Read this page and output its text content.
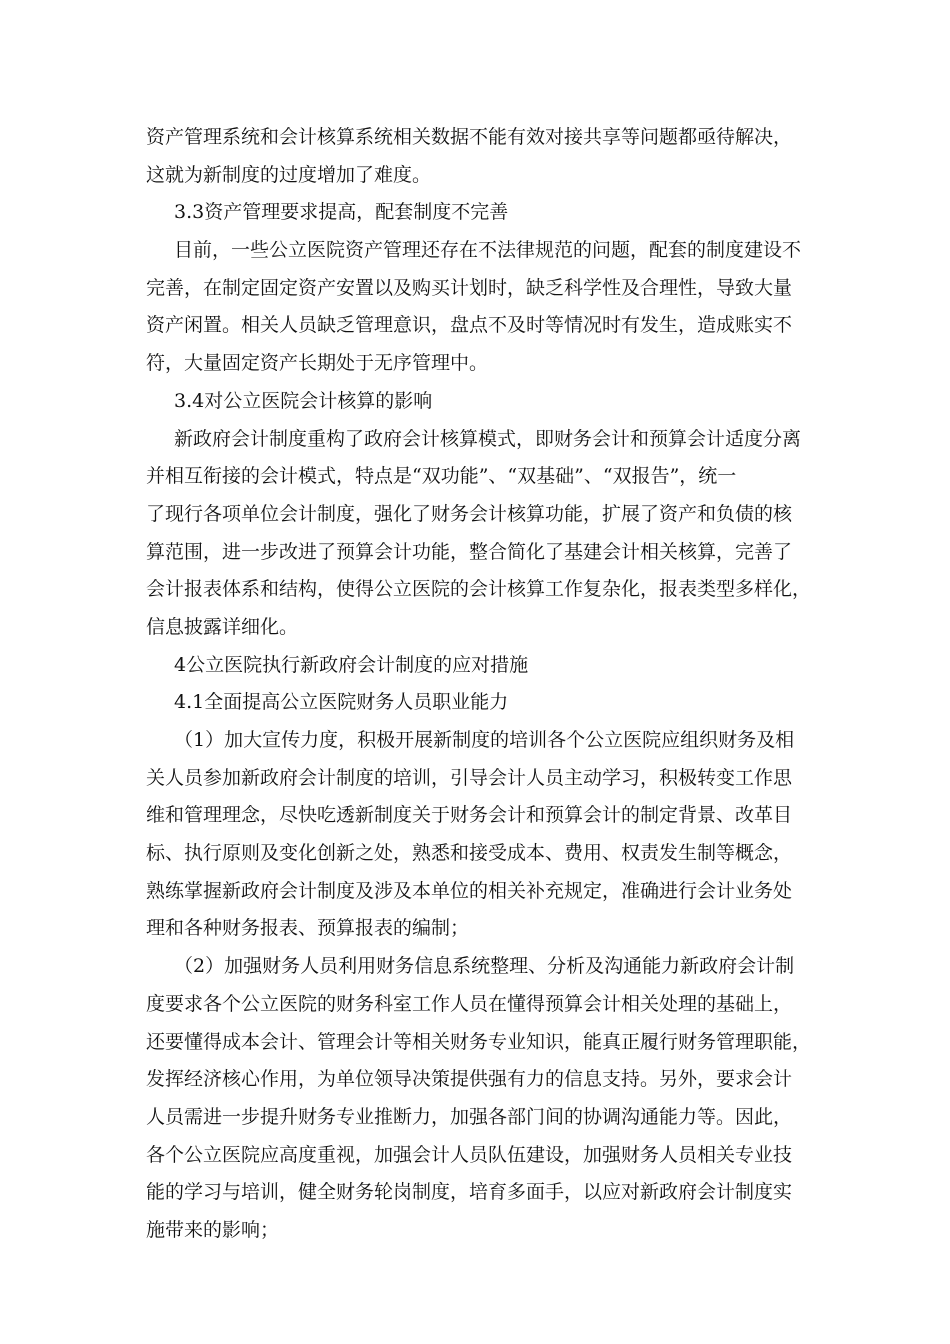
资产管理系统和会计核算系统相关数据不能有效对接共享等问题都亟待解决，
这就为新制度的过度增加了难度。
3.3资产管理要求提高，配套制度不完善
目前，一些公立医院资产管理还存在不法律规范的问题，配套的制度建设不
完善，在制定固定资产安置以及购买计划时，缺乏科学性及合理性，导致大量
资产闲置。相关人员缺乏管理意识，盘点不及时等情况时有发生，造成账实不
符，大量固定资产长期处于无序管理中。
3.4对公立医院会计核算的影响
新政府会计制度重构了政府会计核算模式，即财务会计和预算会计适度分离
并相互衔接的会计模式，特点是“双功能”、“双基础”、“双报告”，统一
了现行各项单位会计制度，强化了财务会计核算功能，扩展了资产和负债的核
算范围，进一步改进了预算会计功能，整合简化了基建会计相关核算，完善了
会计报表体系和结构，使得公立医院的会计核算工作复杂化，报表类型多样化，
信息披露详细化。
4公立医院执行新政府会计制度的应对措施
4.1全面提高公立医院财务人员职业能力
（1）加大宣传力度，积极开展新制度的培训各个公立医院应组织财务及相
关人员参加新政府会计制度的培训，引导会计人员主动学习，积极转变工作思
维和管理理念，尽快吃透新制度关于财务会计和预算会计的制定背景、改革目
标、执行原则及变化创新之处，熟悉和接受成本、费用、权责发生制等概念，
熟练掌握新政府会计制度及涉及本单位的相关补充规定，准确进行会计业务处
理和各种财务报表、预算报表的编制；
（2）加强财务人员利用财务信息系统整理、分析及沟通能力新政府会计制
度要求各个公立医院的财务科室工作人员在懂得预算会计相关处理的基础上，
还要懂得成本会计、管理会计等相关财务专业知识，能真正履行财务管理职能，
发挥经济核心作用，为单位领导决策提供强有力的信息支持。另外，要求会计
人员需进一步提升财务专业推断力，加强各部门间的协调沟通能力等。因此，
各个公立医院应高度重视，加强会计人员队伍建设，加强财务人员相关专业技
能的学习与培训，健全财务轮岗制度，培育多面手，以应对新政府会计制度实
施带来的影响；
